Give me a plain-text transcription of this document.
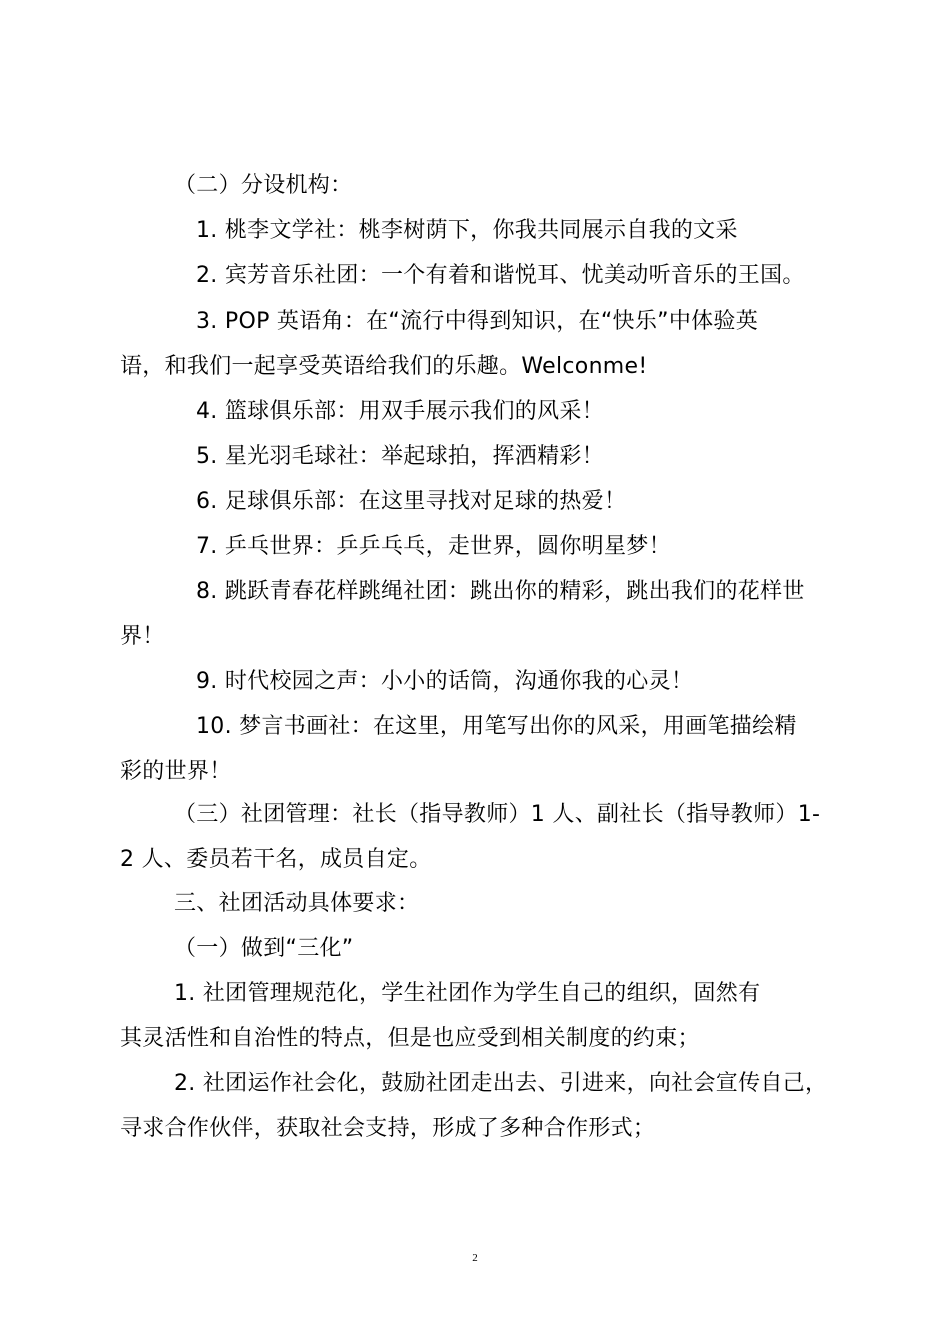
（二）分设机构：
1. 桃李文学社：桃李树荫下，你我共同展示自我的文采
2. 宾芳音乐社团：一个有着和谐悦耳、忧美动听音乐的王国。
3. POP 英语角：在“流行中得到知识，在“快乐”中体验英
语，和我们一起享受英语给我们的乐趣。Welconme!
4. 篮球俱乐部：用双手展示我们的风采！
5. 星光羽毛球社：举起球拍，挥洒精彩！
6. 足球俱乐部：在这里寻找对足球的热爱！
7. 乒乓世界：乒乒乓乓，走世界，圆你明星梦！
8. 跳跃青春花样跳绳社团：跳出你的精彩，跳出我们的花样世
界！
9. 时代校园之声：小小的话筒，沟通你我的心灵！
10. 梦言书画社：在这里，用笔写出你的风采，用画笔描绘精
彩的世界！
（三）社团管理：社长（指导教师）1 人、副社长（指导教师）1-
2 人、委员若干名，成员自定。
三、社团活动具体要求：
（一）做到“三化”
1. 社团管理规范化，学生社团作为学生自己的组织，固然有
其灵活性和自治性的特点，但是也应受到相关制度的约束；
2. 社团运作社会化，鼓励社团走出去、引进来，向社会宣传自己，
寻求合作伙伴，获取社会支持，形成了多种合作形式；
2
